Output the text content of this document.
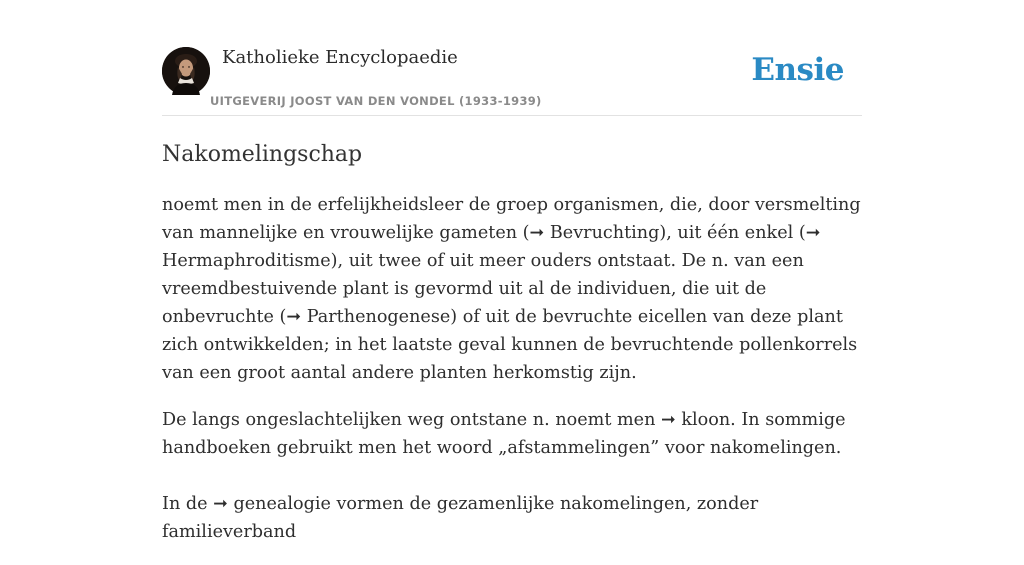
Katholieke Encyclopaedie
UITGEVERIJ JOOST VAN DEN VONDEL (1933-1939)
Ensie
Nakomelingschap

noemt men in de erfelijkheidsleer de groep organismen, die, door versmelting van mannelijke en vrouwelijke gameten (➞ Bevruchting), uit één enkel (➞ Hermaphroditisme), uit twee of uit meer ouders ontstaat. De n. van een vreemdbestuivende plant is gevormd uit al de individuen, die uit de onbevruchte (➞ Parthenogenese) of uit de bevruchte eicellen van deze plant zich ontwikkelden; in het laatste geval kunnen de bevruchtende pollenkorrels van een groot aantal andere planten herkomstig zijn.

De langs ongeslachtelijken weg ontstane n. noemt men ➞ kloon. In sommige handboeken gebruikt men het woord „afstammelingen” voor nakomelingen.

In de ➞ genealogie vormen de gezamenlijke nakomelingen, zonder familieverband
